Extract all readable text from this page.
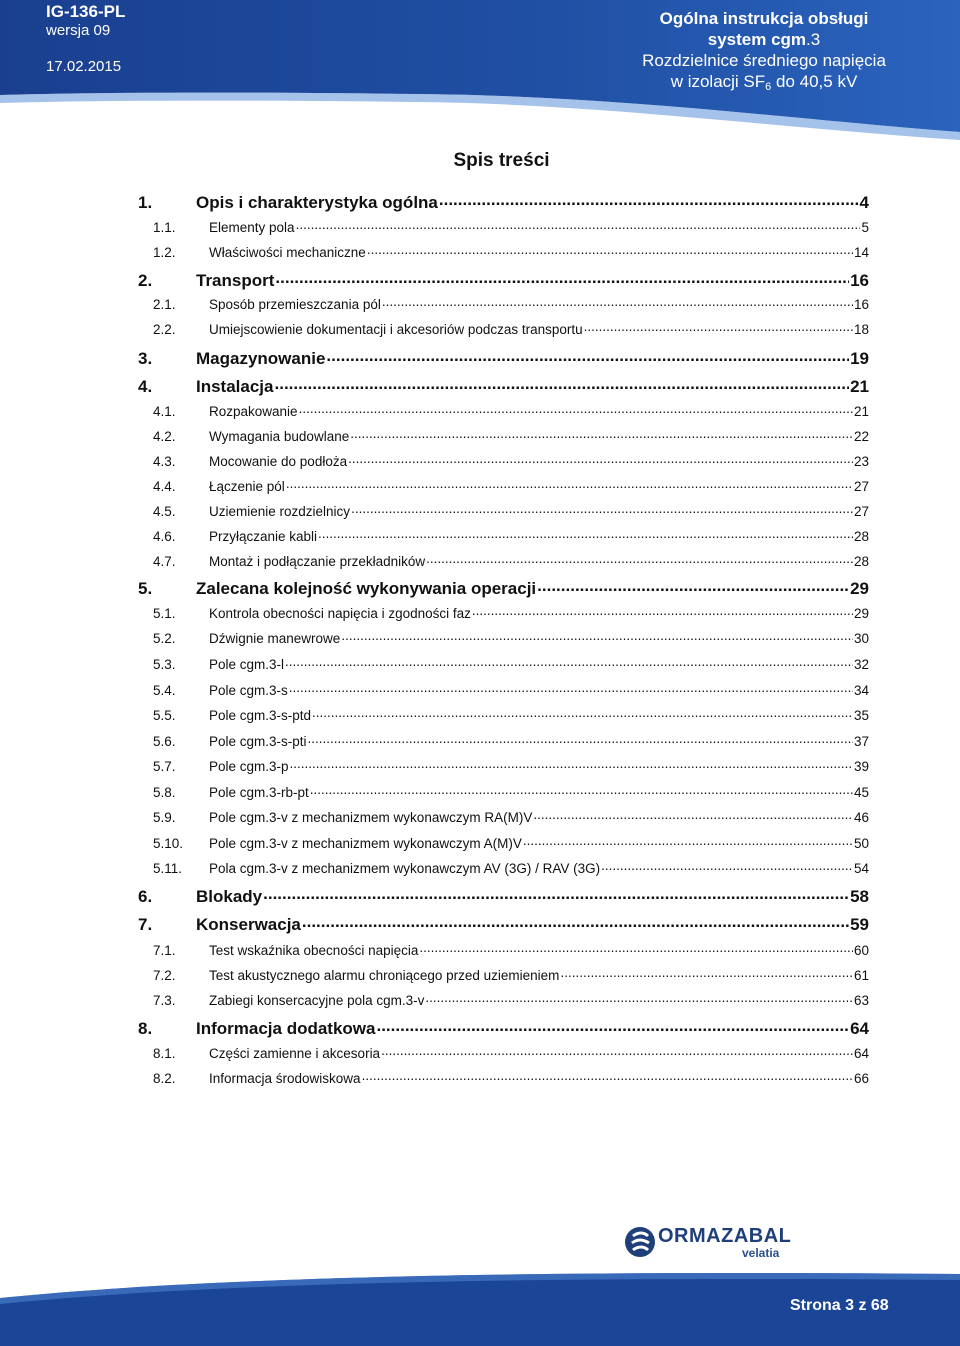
IG-136-PL
wersja 09
17.02.2015
Ogólna instrukcja obsługi
system cgm.3
Rozdzielnice średniego napięcia
w izolacji $SF_6$ do 40,5 kV
Spis treści
1.	Opis i charakterystyka ogólna .....	4
1.1.	Elementy pola .....	5
1.2.	Właściwości mechaniczne .....	14
2.	Transport .....	16
2.1.	Sposób przemieszczania pól .....	16
2.2.	Umiejscowienie dokumentacji i akcesoriów podczas transportu .....	18
3.	Magazynowanie .....	19
4.	Instalacja .....	21
4.1.	Rozpakowanie .....	21
4.2.	Wymagania budowlane .....	22
4.3.	Mocowanie do podłoża .....	23
4.4.	Łączenie pól .....	27
4.5.	Uziemienie rozdzielnicy .....	27
4.6.	Przyłączanie kabli .....	28
4.7.	Montaż i podłączanie przekładników .....	28
5.	Zalecana kolejność wykonywania operacji .....	29
5.1.	Kontrola obecności napięcia i zgodności faz .....	29
5.2.	Dźwignie manewrowe .....	30
5.3.	Pole cgm.3-l .....	32
5.4.	Pole cgm.3-s .....	34
5.5.	Pole cgm.3-s-ptd .....	35
5.6.	Pole cgm.3-s-pti .....	37
5.7.	Pole cgm.3-p .....	39
5.8.	Pole cgm.3-rb-pt .....	45
5.9.	Pole cgm.3-v z mechanizmem wykonawczym RA(M)V .....	46
5.10.	Pole cgm.3-v z mechanizmem wykonawczym A(M)V .....	50
5.11.	Pola cgm.3-v z mechanizmem wykonawczym AV (3G) / RAV (3G) .....	54
6.	Blokady .....	58
7.	Konserwacja .....	59
7.1.	Test wskaźnika obecności napięcia .....	60
7.2.	Test akustycznego alarmu chroniącego przed uziemieniem .....	61
7.3.	Zabiegi konsercacyjne pola cgm.3-v .....	63
8.	Informacja dodatkowa .....	64
8.1.	Części zamienne i akcesoria .....	64
8.2.	Informacja środowiskowa .....	66
ORMAZABAL
velatia
Strona 3 z 68
